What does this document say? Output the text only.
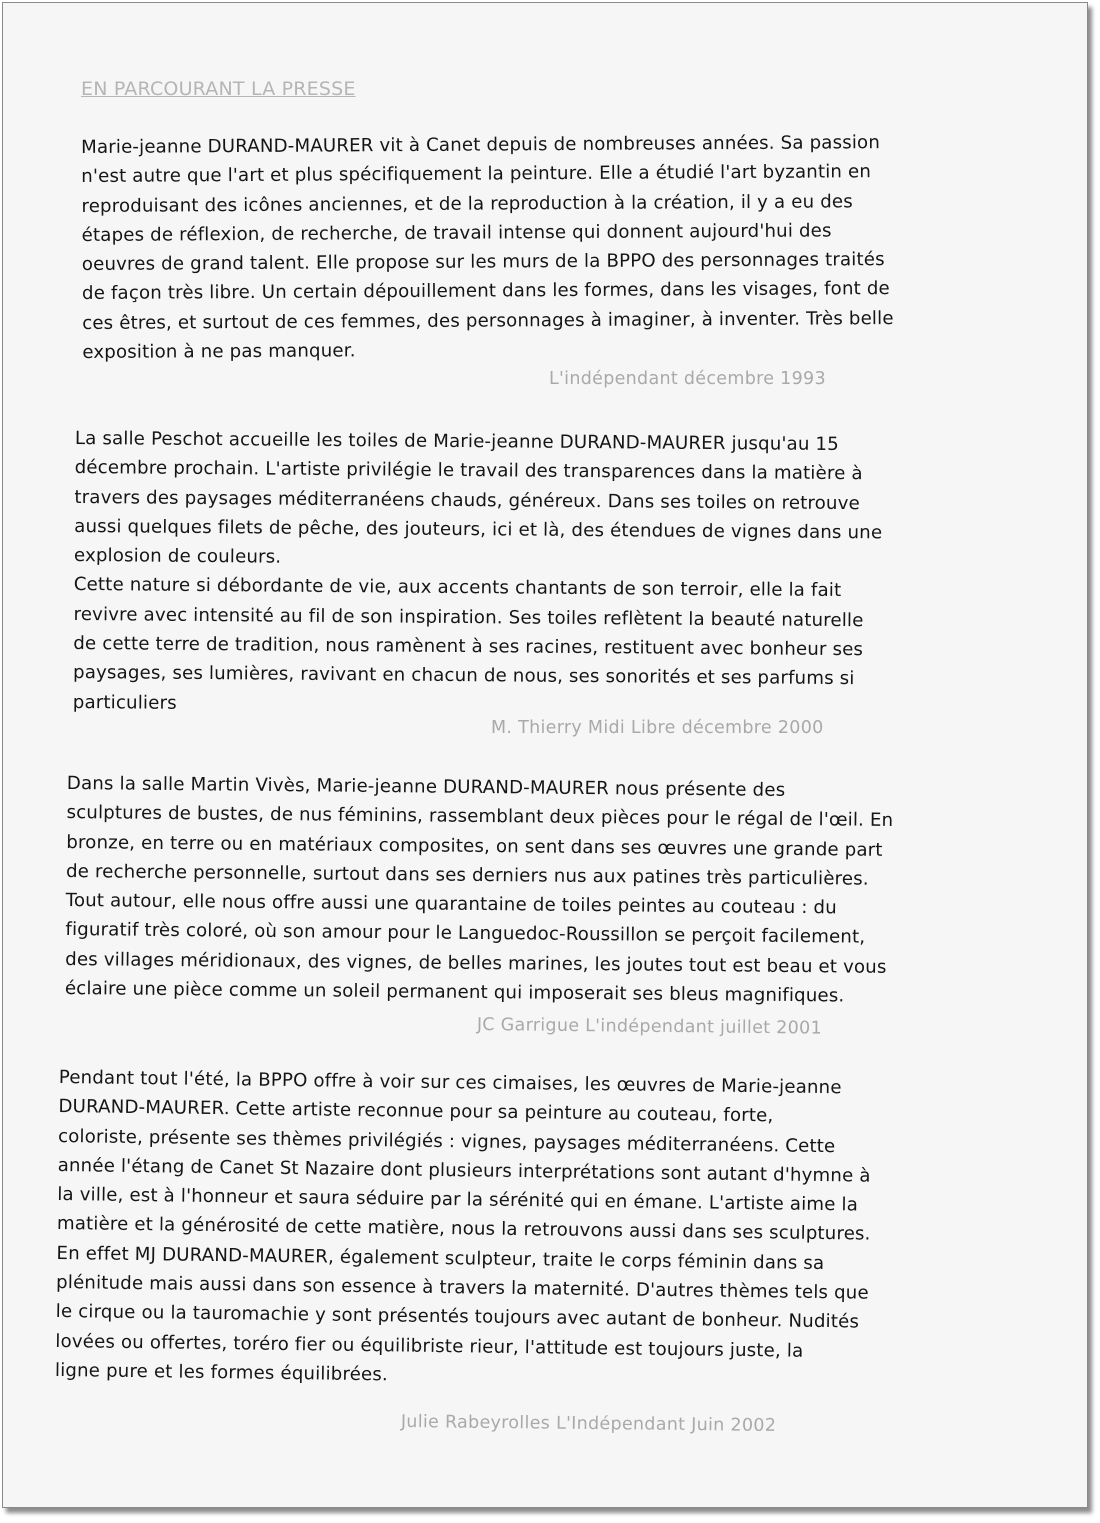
EN PARCOURANT LA PRESSE

Marie-jeanne DURAND-MAURER vit à Canet depuis de nombreuses années. Sa passion
n'est autre que l'art et plus spécifiquement la peinture. Elle a étudié l'art byzantin en
reproduisant des icônes anciennes, et de la reproduction à la création, il y a eu des
étapes de réflexion, de recherche, de travail intense qui donnent aujourd'hui des
oeuvres de grand talent. Elle propose sur les murs de la BPPO des personnages traités
de façon très libre. Un certain dépouillement dans les formes, dans les visages, font de
ces êtres, et surtout de ces femmes, des personnages à imaginer, à inventer. Très belle
exposition à ne pas manquer.

L'indépendant décembre 1993

La salle Peschot accueille les toiles de Marie-jeanne DURAND-MAURER jusqu'au 15
décembre prochain. L'artiste privilégie le travail des transparences dans la matière à
travers des paysages méditerranéens chauds, généreux. Dans ses toiles on retrouve
aussi quelques filets de pêche, des jouteurs, ici et là, des étendues de vignes dans une
explosion de couleurs.
Cette nature si débordante de vie, aux accents chantants de son terroir, elle la fait
revivre avec intensité au fil de son inspiration. Ses toiles reflètent la beauté naturelle
de cette terre de tradition, nous ramènent à ses racines, restituent avec bonheur ses
paysages, ses lumières, ravivant en chacun de nous, ses sonorités et ses parfums si
particuliers

M. Thierry Midi Libre décembre 2000

Dans la salle Martin Vivès, Marie-jeanne DURAND-MAURER nous présente des
sculptures de bustes, de nus féminins, rassemblant deux pièces pour le régal de l'œil. En
bronze, en terre ou en matériaux composites, on sent dans ses œuvres une grande part
de recherche personnelle, surtout dans ses derniers nus aux patines très particulières.
Tout autour, elle nous offre aussi une quarantaine de toiles peintes au couteau : du
figuratif très coloré, où son amour pour le Languedoc-Roussillon se perçoit facilement,
des villages méridionaux, des vignes, de belles marines, les joutes tout est beau et vous
éclaire une pièce comme un soleil permanent qui imposerait ses bleus magnifiques.

JC Garrigue L'indépendant juillet 2001

Pendant tout l'été, la BPPO offre à voir sur ces cimaises, les œuvres de Marie-jeanne
DURAND-MAURER. Cette artiste reconnue pour sa peinture au couteau, forte,
coloriste, présente ses thèmes privilégiés : vignes, paysages méditerranéens. Cette
année l'étang de Canet St Nazaire dont plusieurs interprétations sont autant d'hymne à
la ville, est à l'honneur et saura séduire par la sérénité qui en émane. L'artiste aime la
matière et la générosité de cette matière, nous la retrouvons aussi dans ses sculptures.
En effet MJ DURAND-MAURER, également sculpteur, traite le corps féminin dans sa
plénitude mais aussi dans son essence à travers la maternité. D'autres thèmes tels que
le cirque ou la tauromachie y sont présentés toujours avec autant de bonheur. Nudités
lovées ou offertes, toréro fier ou équilibriste rieur, l'attitude est toujours juste, la
ligne pure et les formes équilibrées.

Julie Rabeyrolles L'Indépendant Juin 2002
